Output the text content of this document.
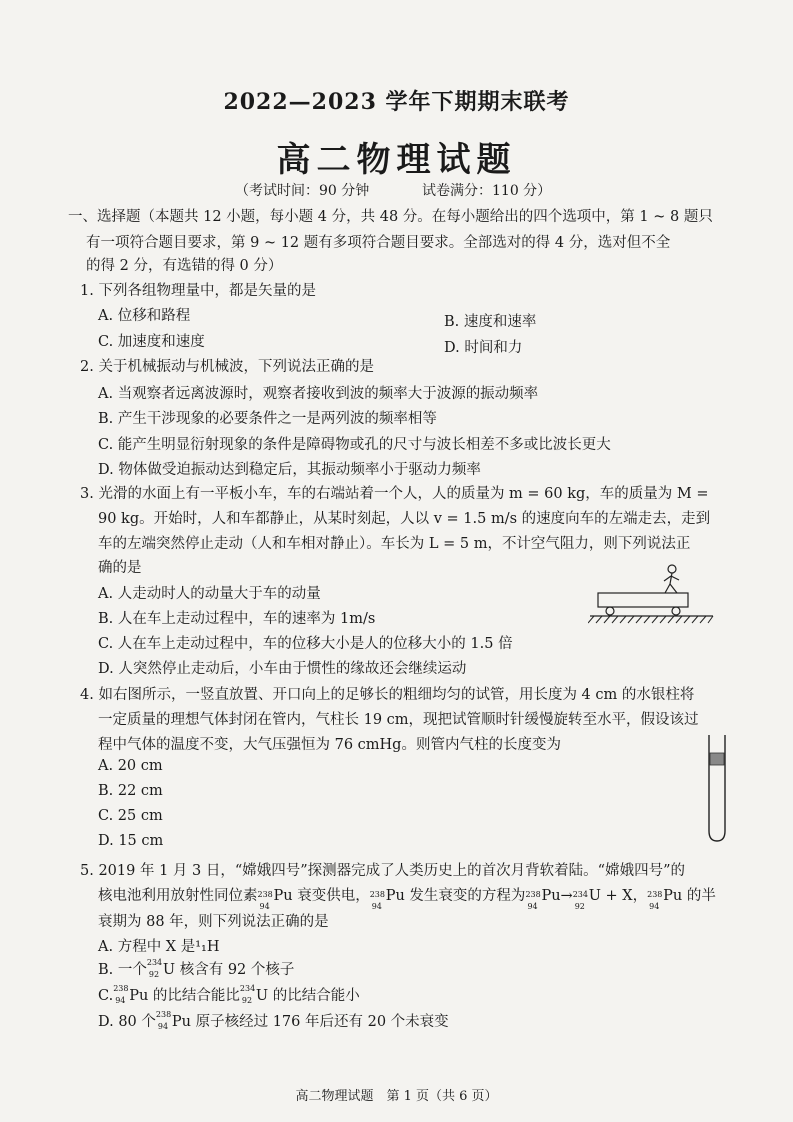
2022—2023 学年下期期末联考
高二物理试题
（考试时间：90 分钟	试卷满分：110 分）
一、选择题（本题共 12 小题，每小题 4 分，共 48 分。在每小题给出的四个选项中，第 1 ~ 8 题只
有一项符合题目要求，第 9 ~ 12 题有多项符合题目要求。全部选对的得 4 分，选对但不全
的得 2 分，有选错的得 0 分）
1. 下列各组物理量中，都是矢量的是
A. 位移和路程	B. 速度和速率
C. 加速度和速度	D. 时间和力
2. 关于机械振动与机械波，下列说法正确的是
A. 当观察者远离波源时，观察者接收到波的频率大于波源的振动频率
B. 产生干涉现象的必要条件之一是两列波的频率相等
C. 能产生明显衍射现象的条件是障碍物或孔的尺寸与波长相差不多或比波长更大
D. 物体做受迫振动达到稳定后，其振动频率小于驱动力频率
3. 光滑的水面上有一平板小车，车的右端站着一个人，人的质量为 m = 60 kg，车的质量为 M =
90 kg。开始时，人和车都静止，从某时刻起，人以 v = 1.5 m/s 的速度向车的左端走去，走到
车的左端突然停止走动（人和车相对静止）。车长为 L = 5 m，不计空气阻力，则下列说法正
确的是
A. 人走动时人的动量大于车的动量
B. 人在车上走动过程中，车的速率为 1m/s
C. 人在车上走动过程中，车的位移大小是人的位移大小的 1.5 倍
D. 人突然停止走动后，小车由于惯性的缘故还会继续运动
4. 如右图所示，一竖直放置、开口向上的足够长的粗细均匀的试管，用长度为 4 cm 的水银柱将
一定质量的理想气体封闭在管内，气柱长 19 cm，现把试管顺时针缓慢旋转至水平，假设该过
程中气体的温度不变，大气压强恒为 76 cmHg。则管内气柱的长度变为
A. 20 cm
B. 22 cm
C. 25 cm
D. 15 cm
5. 2019 年 1 月 3 日，“嫦娥四号”探测器完成了人类历史上的首次月背软着陆。“嫦娥四号”的
核电池利用放射性同位素 238
94
Pu 衰变供电， 238
94
Pu 发生衰变的方程为 238
94
Pu→ 234
92
U + X， 238
94
Pu 的半
衰期为 88 年，则下列说法正确的是
A. 方程中 X 是¹₁H
B. 一个 234
92 U 核含有 92 个核子
C. 238
94 Pu 的比结合能比 234
92 U 的比结合能小
D. 80 个 238
94 Pu 原子核经过 176 年后还有 20 个未衰变
高二物理试题　第 1 页（共 6 页）
